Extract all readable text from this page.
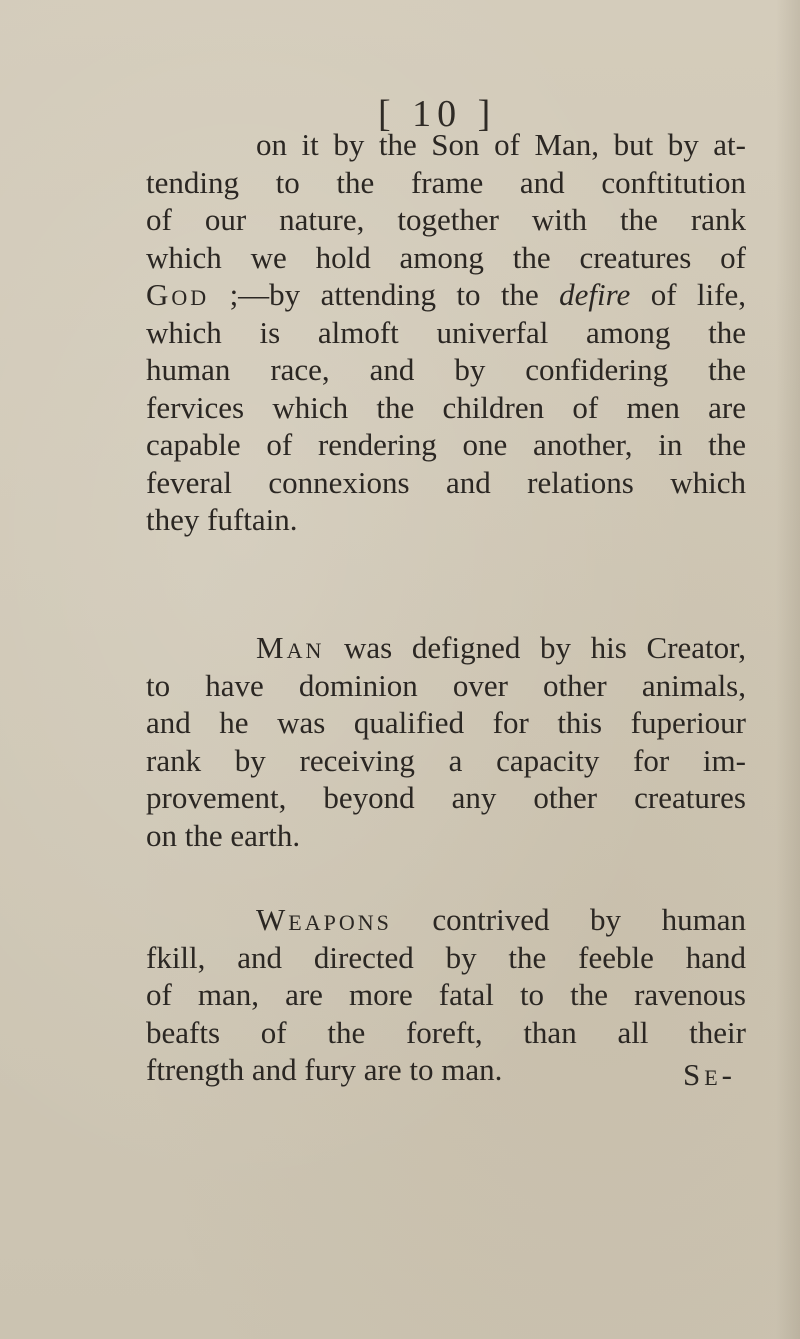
[ 10 ]
on it by the Son of Man, but by at-
tending to the frame and conftitution
of our nature, together with the rank
which we hold among the creatures of
God ;—by attending to the defire of life,
which is almoft univerfal among the
human race, and by confidering the
fervices which the children of men are
capable of rendering one another, in the
feveral connexions and relations which
they fuftain.
Man was defigned by his Creator,
to have dominion over other animals,
and he was qualified for this fuperiour
rank by receiving a capacity for im-
provement, beyond any other creatures
on the earth.
Weapons contrived by human
fkill, and directed by the feeble hand
of man, are more fatal to the ravenous
beafts of the foreft, than all their
ftrength and fury are to man.	Se-
